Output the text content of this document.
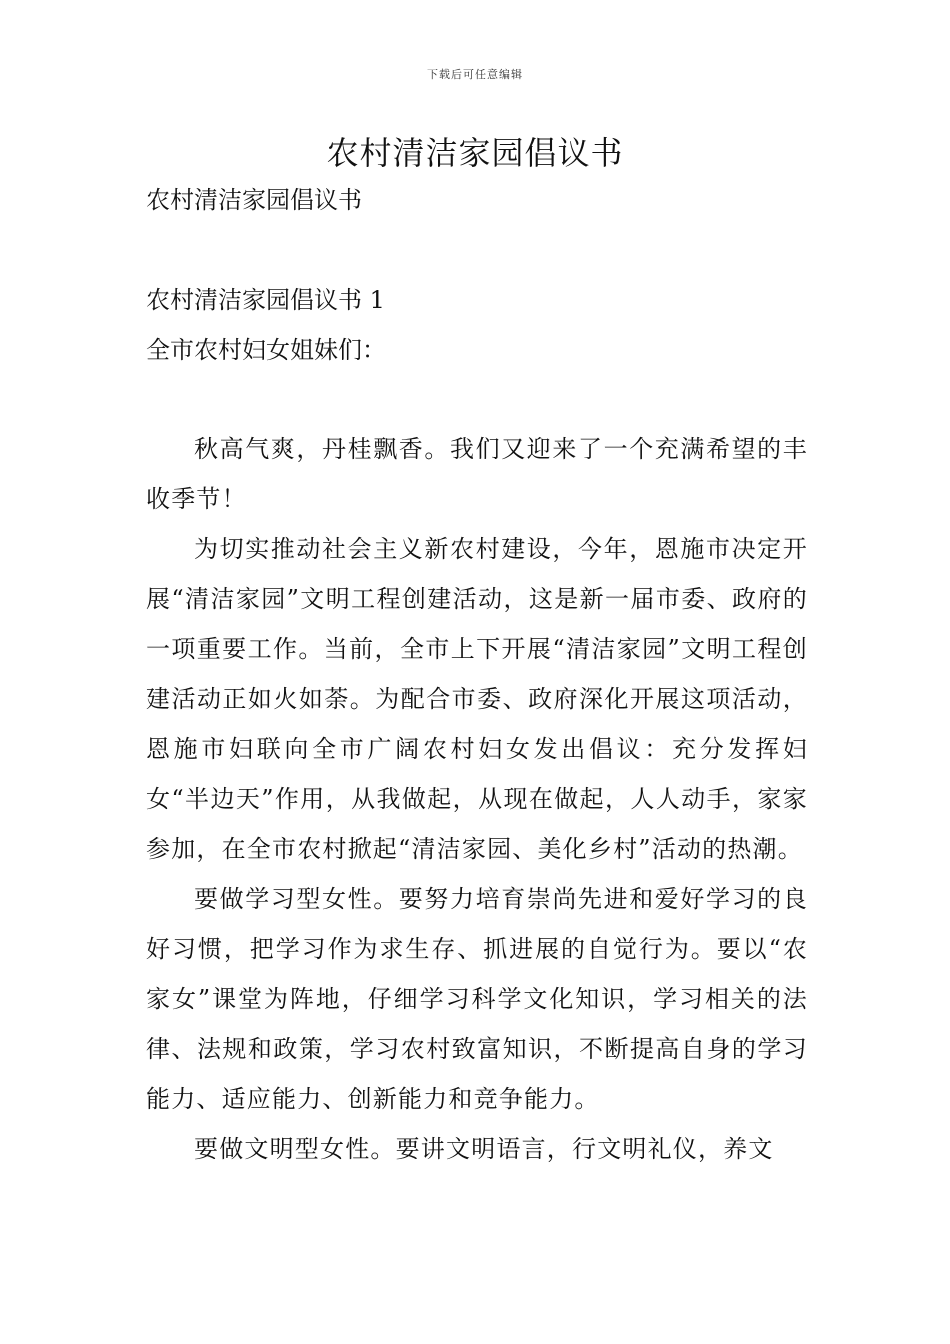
下载后可任意编辑
农村清洁家园倡议书
农村清洁家园倡议书
农村清洁家园倡议书 1
全市农村妇女姐妹们：

秋高气爽，丹桂飘香。我们又迎来了一个充满希望的丰收季节！

为切实推动社会主义新农村建设，今年，恩施市决定开展“清洁家园”文明工程创建活动，这是新一届市委、政府的一项重要工作。当前，全市上下开展“清洁家园”文明工程创建活动正如火如荼。为配合市委、政府深化开展这项活动，恩施市妇联向全市广阔农村妇女发出倡议：充分发挥妇女“半边天”作用，从我做起，从现在做起，人人动手，家家参加，在全市农村掀起“清洁家园、美化乡村”活动的热潮。

要做学习型女性。要努力培育崇尚先进和爱好学习的良好习惯，把学习作为求生存、抓进展的自觉行为。要以“农家女”课堂为阵地，仔细学习科学文化知识，学习相关的法律、法规和政策，学习农村致富知识，不断提高自身的学习能力、适应能力、创新能力和竞争能力。

要做文明型女性。要讲文明语言，行文明礼仪，养文
